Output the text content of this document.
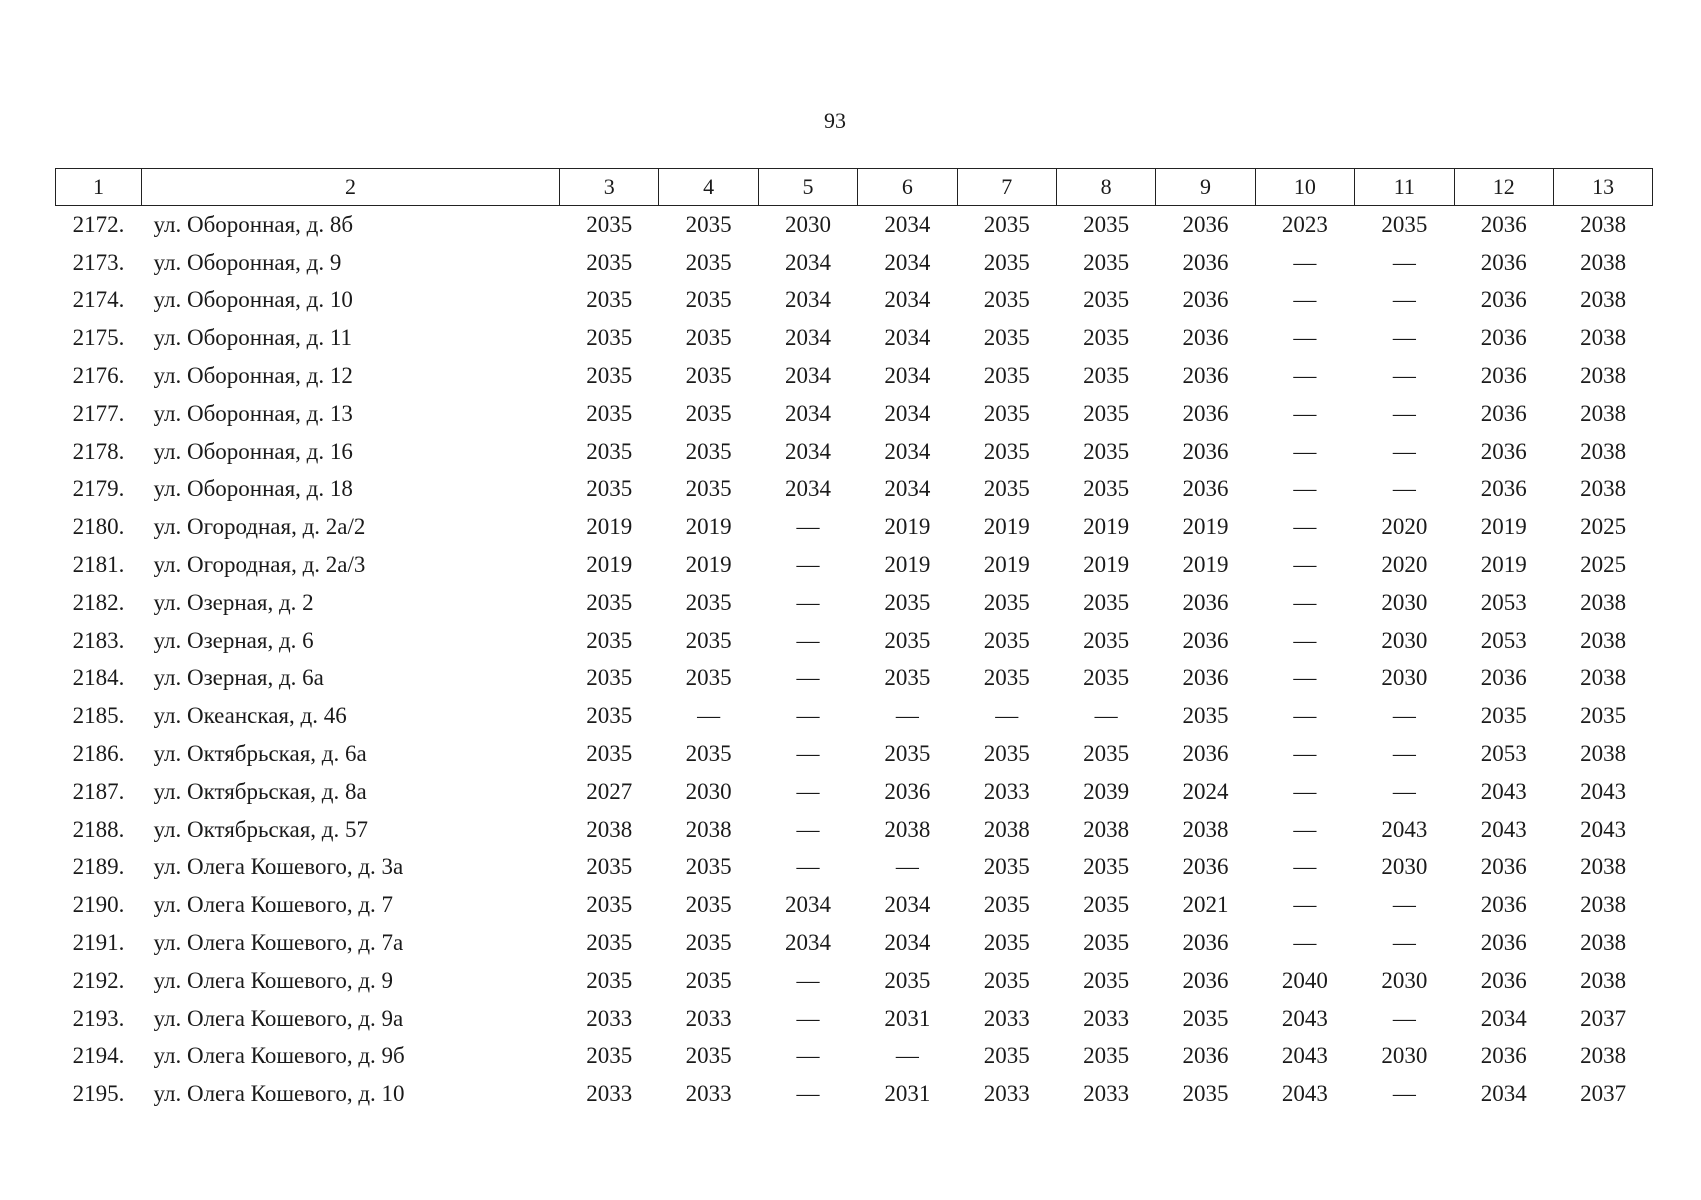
93
1	2	3	4	5	6	7	8	9	10	11	12	13
2172.	ул. Оборонная, д. 8б	2035	2035	2030	2034	2035	2035	2036	2023	2035	2036	2038
2173.	ул. Оборонная, д. 9	2035	2035	2034	2034	2035	2035	2036	—	—	2036	2038
2174.	ул. Оборонная, д. 10	2035	2035	2034	2034	2035	2035	2036	—	—	2036	2038
2175.	ул. Оборонная, д. 11	2035	2035	2034	2034	2035	2035	2036	—	—	2036	2038
2176.	ул. Оборонная, д. 12	2035	2035	2034	2034	2035	2035	2036	—	—	2036	2038
2177.	ул. Оборонная, д. 13	2035	2035	2034	2034	2035	2035	2036	—	—	2036	2038
2178.	ул. Оборонная, д. 16	2035	2035	2034	2034	2035	2035	2036	—	—	2036	2038
2179.	ул. Оборонная, д. 18	2035	2035	2034	2034	2035	2035	2036	—	—	2036	2038
2180.	ул. Огородная, д. 2а/2	2019	2019	—	2019	2019	2019	2019	—	2020	2019	2025
2181.	ул. Огородная, д. 2а/3	2019	2019	—	2019	2019	2019	2019	—	2020	2019	2025
2182.	ул. Озерная, д. 2	2035	2035	—	2035	2035	2035	2036	—	2030	2053	2038
2183.	ул. Озерная, д. 6	2035	2035	—	2035	2035	2035	2036	—	2030	2053	2038
2184.	ул. Озерная, д. 6а	2035	2035	—	2035	2035	2035	2036	—	2030	2036	2038
2185.	ул. Океанская, д. 46	2035	—	—	—	—	—	2035	—	—	2035	2035
2186.	ул. Октябрьская, д. 6а	2035	2035	—	2035	2035	2035	2036	—	—	2053	2038
2187.	ул. Октябрьская, д. 8а	2027	2030	—	2036	2033	2039	2024	—	—	2043	2043
2188.	ул. Октябрьская, д. 57	2038	2038	—	2038	2038	2038	2038	—	2043	2043	2043
2189.	ул. Олега Кошевого, д. 3а	2035	2035	—	—	2035	2035	2036	—	2030	2036	2038
2190.	ул. Олега Кошевого, д. 7	2035	2035	2034	2034	2035	2035	2021	—	—	2036	2038
2191.	ул. Олега Кошевого, д. 7а	2035	2035	2034	2034	2035	2035	2036	—	—	2036	2038
2192.	ул. Олега Кошевого, д. 9	2035	2035	—	2035	2035	2035	2036	2040	2030	2036	2038
2193.	ул. Олега Кошевого, д. 9а	2033	2033	—	2031	2033	2033	2035	2043	—	2034	2037
2194.	ул. Олега Кошевого, д. 9б	2035	2035	—	—	2035	2035	2036	2043	2030	2036	2038
2195.	ул. Олега Кошевого, д. 10	2033	2033	—	2031	2033	2033	2035	2043	—	2034	2037
